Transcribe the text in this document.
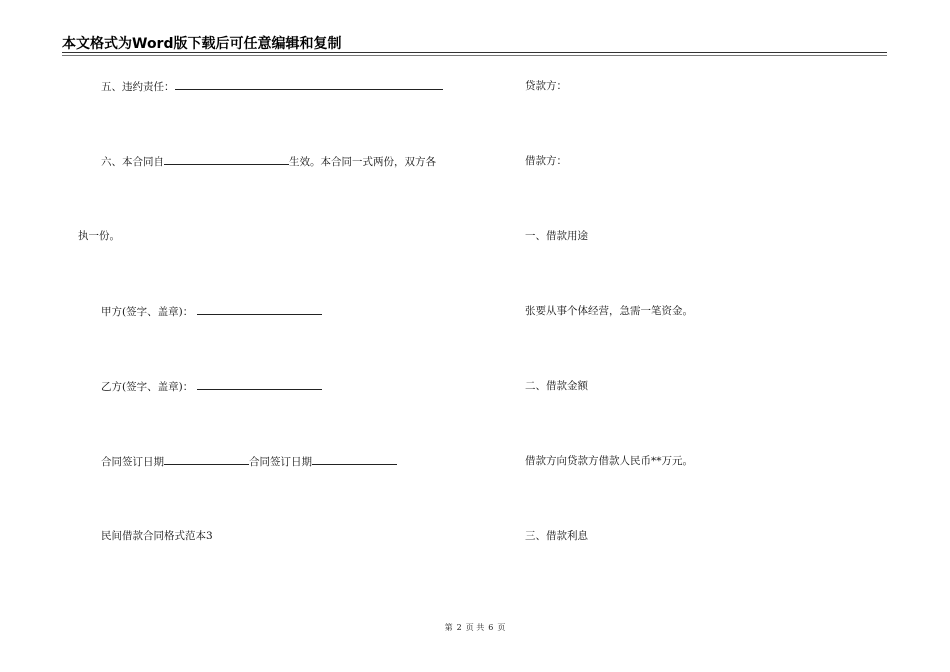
本文格式为Word版下载后可任意编辑和复制
五、违约责任：
六、本合同自	生效。本合同一式两份，双方各
执一份。
甲方(签字、盖章)：
乙方(签字、盖章)：
合同签订日期	合同签订日期
民间借款合同格式范本3
贷款方：
借款方：
一、借款用途
张要从事个体经营，急需一笔资金。
二、借款金额
借款方向贷款方借款人民币**万元。
三、借款利息
第 2 页 共 6 页
